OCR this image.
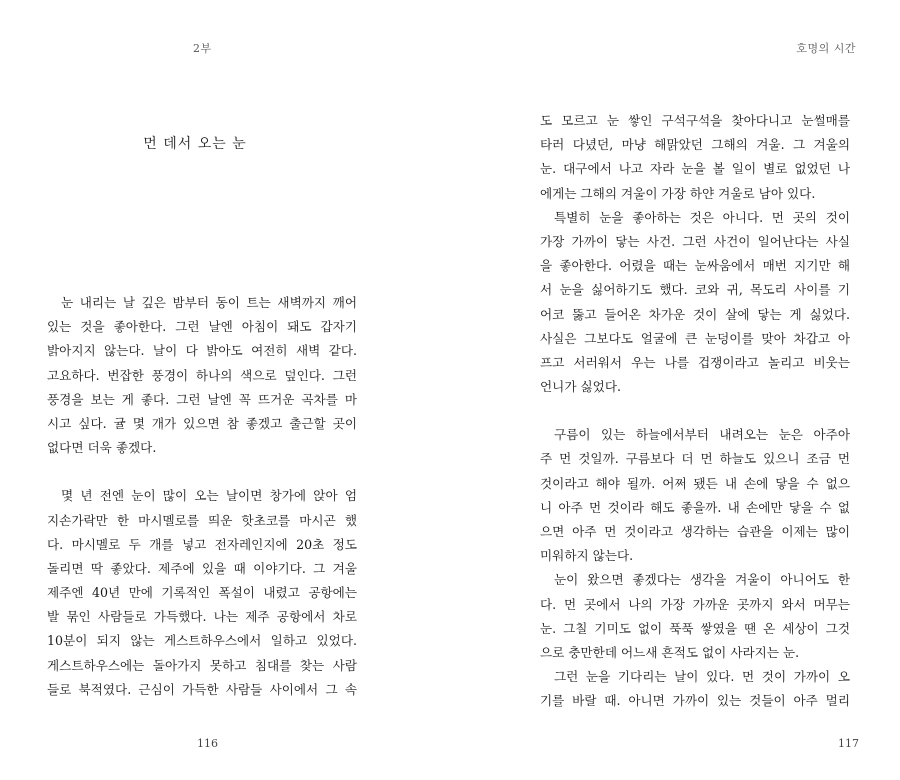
2부
먼 데서 오는 눈
눈 내리는 날 깊은 밤부터 동이 트는 새벽까지 깨어
있는 것을 좋아한다. 그런 날엔 아침이 돼도 갑자기
밝아지지 않는다. 날이 다 밝아도 여전히 새벽 같다.
고요하다. 번잡한 풍경이 하나의 색으로 덮인다. 그런
풍경을 보는 게 좋다. 그런 날엔 꼭 뜨거운 곡차를 마
시고 싶다. 귤 몇 개가 있으면 참 좋겠고 출근할 곳이
없다면 더욱 좋겠다.
몇 년 전엔 눈이 많이 오는 날이면 창가에 앉아 엄
지손가락만 한 마시멜로를 띄운 핫초코를 마시곤 했
다. 마시멜로 두 개를 넣고 전자레인지에 20초 정도
돌리면 딱 좋았다. 제주에 있을 때 이야기다. 그 겨울
제주엔 40년 만에 기록적인 폭설이 내렸고 공항에는
발 묶인 사람들로 가득했다. 나는 제주 공항에서 차로
10분이 되지 않는 게스트하우스에서 일하고 있었다.
게스트하우스에는 돌아가지 못하고 침대를 찾는 사람
들로 북적였다. 근심이 가득한 사람들 사이에서 그 속
116
호명의 시간
도 모르고 눈 쌓인 구석구석을 찾아다니고 눈썰매를
타러 다녔던, 마냥 해맑았던 그해의 겨울. 그 겨울의
눈. 대구에서 나고 자라 눈을 볼 일이 별로 없었던 나
에게는 그해의 겨울이 가장 하얀 겨울로 남아 있다.
특별히 눈을 좋아하는 것은 아니다. 먼 곳의 것이
가장 가까이 닿는 사건. 그런 사건이 일어난다는 사실
을 좋아한다. 어렸을 때는 눈싸움에서 매번 지기만 해
서 눈을 싫어하기도 했다. 코와 귀, 목도리 사이를 기
어코 뚫고 들어온 차가운 것이 살에 닿는 게 싫었다.
사실은 그보다도 얼굴에 큰 눈덩이를 맞아 차갑고 아
프고 서러워서 우는 나를 겁쟁이라고 놀리고 비웃는
언니가 싫었다.
구름이 있는 하늘에서부터 내려오는 눈은 아주아
주 먼 것일까. 구름보다 더 먼 하늘도 있으니 조금 먼
것이라고 해야 될까. 어쩌 됐든 내 손에 닿을 수 없으
니 아주 먼 것이라 해도 좋을까. 내 손에만 닿을 수 없
으면 아주 먼 것이라고 생각하는 습관을 이제는 많이
미워하지 않는다.
눈이 왔으면 좋겠다는 생각을 겨울이 아니어도 한
다. 먼 곳에서 나의 가장 가까운 곳까지 와서 머무는
눈. 그칠 기미도 없이 푹푹 쌓였을 땐 온 세상이 그것
으로 충만한데 어느새 흔적도 없이 사라지는 눈.
그런 눈을 기다리는 날이 있다. 먼 것이 가까이 오
기를 바랄 때. 아니면 가까이 있는 것들이 아주 멀리
117
